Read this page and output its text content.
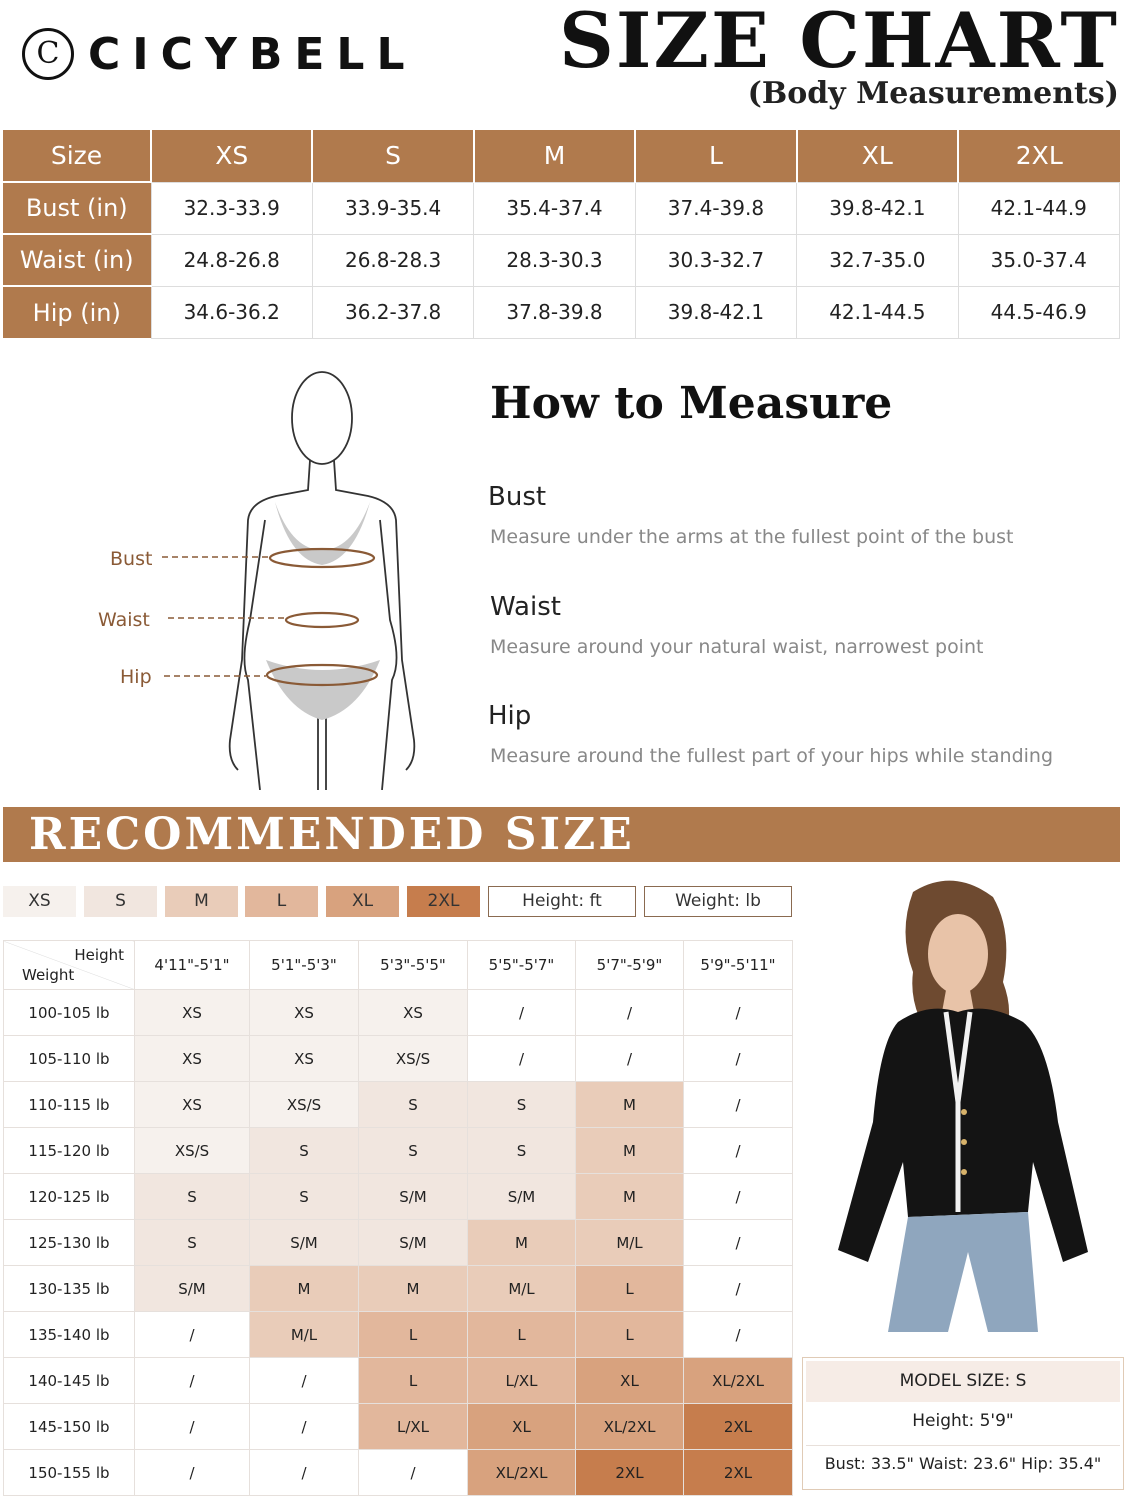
C CICYBELL SIZE CHART
(Body Measurements)
Size	XS	S	M	L	XL	2XL
Bust (in)	32.3-33.9	33.9-35.4	35.4-37.4	37.4-39.8	39.8-42.1	42.1-44.9
Waist (in)	24.8-26.8	26.8-28.3	28.3-30.3	30.3-32.7	32.7-35.0	35.0-37.4
Hip (in)	34.6-36.2	36.2-37.8	37.8-39.8	39.8-42.1	42.1-44.5	44.5-46.9
Bust
Waist
Hip
How to Measure
Bust
Measure under the arms at the fullest point of the bust
Waist
Measure around your natural waist, narrowest point
Hip
Measure around the fullest part of your hips while standing
RECOMMENDED SIZE
XS	S	M	L	XL	2XL	Height: ft	Weight: lb
Height
Weight	4'11"-5'1"	5'1"-5'3"	5'3"-5'5"	5'5"-5'7"	5'7"-5'9"	5'9"-5'11"
100-105 lb	XS	XS	XS	/	/	/
105-110 lb	XS	XS	XS/S	/	/	/
110-115 lb	XS	XS/S	S	S	M	/
115-120 lb	XS/S	S	S	S	M	/
120-125 lb	S	S	S/M	S/M	M	/
125-130 lb	S	S/M	S/M	M	M/L	/
130-135 lb	S/M	M	M	M/L	L	/
135-140 lb	/	M/L	L	L	L	/
140-145 lb	/	/	L	L/XL	XL	XL/2XL
145-150 lb	/	/	L/XL	XL	XL/2XL	2XL
150-155 lb	/	/	/	XL/2XL	2XL	2XL
MODEL SIZE: S
Height: 5'9"
Bust: 33.5" Waist: 23.6" Hip: 35.4"
